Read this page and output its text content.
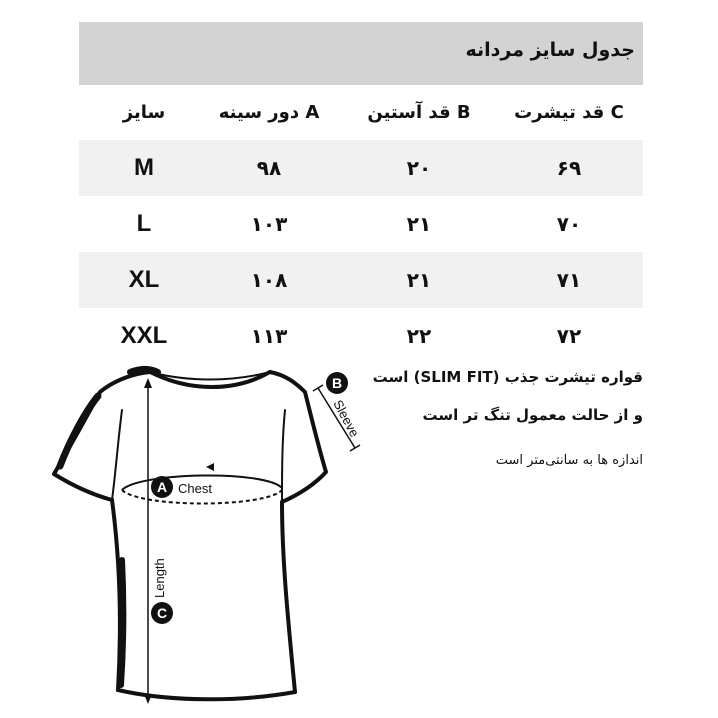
جدول سایز مردانه
سایز	A دور سینه	B قد آستین	C قد تیشرت
M	۹۸	۲۰	۶۹
L	۱۰۳	۲۱	۷۰
XL	۱۰۸	۲۱	۷۱
XXL	۱۱۳	۲۲	۷۲
قواره تیشرت جذب (SLIM FIT) است
و از حالت معمول تنگ تر است
اندازه ها به سانتی‌متر است
A Chest
B
Sleeve
C
Length
